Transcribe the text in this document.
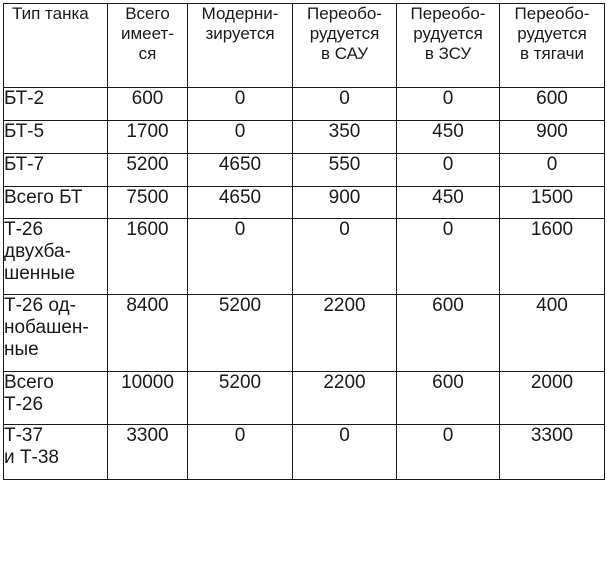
Тип танка	Всего
имеет-
ся	Модерни-
зируется	Переобо-
рудуется
в САУ	Переобо-
рудуется
в ЗСУ	Переобо-
рудуется
в тягачи
БТ-2	600	0	0	0	600
БТ-5	1700	0	350	450	900
БТ-7	5200	4650	550	0	0
Всего БТ	7500	4650	900	450	1500
Т-26
двухба-
шенные	1600	0	0	0	1600
Т-26 од-
нобашен-
ные	8400	5200	2200	600	400
Всего
Т-26	10000	5200	2200	600	2000
Т-37
и Т-38	3300	0	0	0	3300
